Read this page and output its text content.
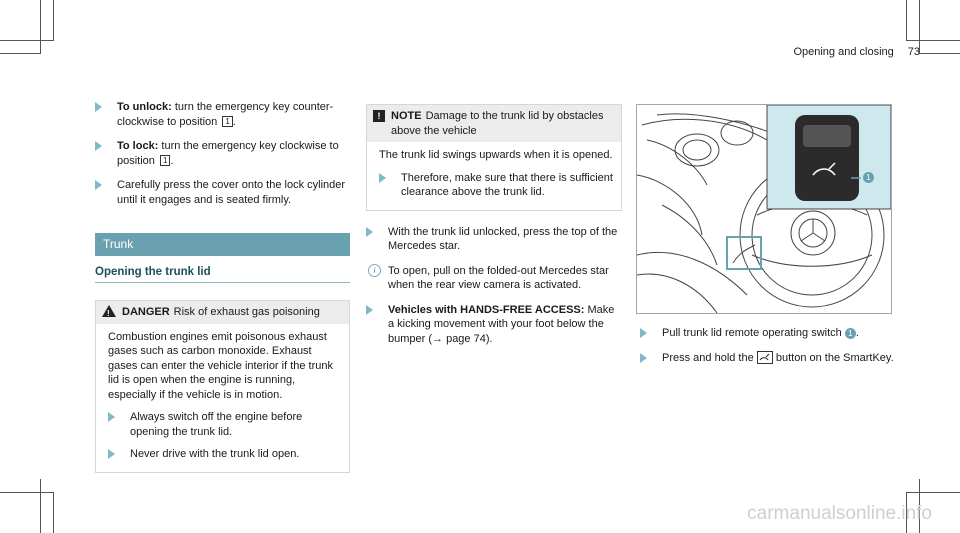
Opening and closing 73
To unlock: turn the emergency key counter-clockwise to position 1 .
To lock: turn the emergency key clockwise to position 1 .
Carefully press the cover onto the lock cylinder until it engages and is seated firmly.
Trunk
Opening the trunk lid
!
DANGER Risk of exhaust gas poisoning

Combustion engines emit poisonous exhaust gases such as carbon monoxide. Exhaust gases can enter the vehicle interior if the trunk lid is open when the engine is running, especially if the vehicle is in motion.

Always switch off the engine before opening the trunk lid.
Never drive with the trunk lid open.
! NOTE Damage to the trunk lid by obstacles above the vehicle

The trunk lid swings upwards when it is opened.

Therefore, make sure that there is sufficient clearance above the trunk lid.
With the trunk lid unlocked, press the top of the Mercedes star.
i	To open, pull on the folded-out Mercedes star when the rear view camera is activated.
Vehicles with HANDS-FREE ACCESS: Make a kicking movement with your foot below the bumper (→ page 74).
1
Pull trunk lid remote operating switch 1 .
Press and hold the button on the SmartKey.
carmanualsonline.info
